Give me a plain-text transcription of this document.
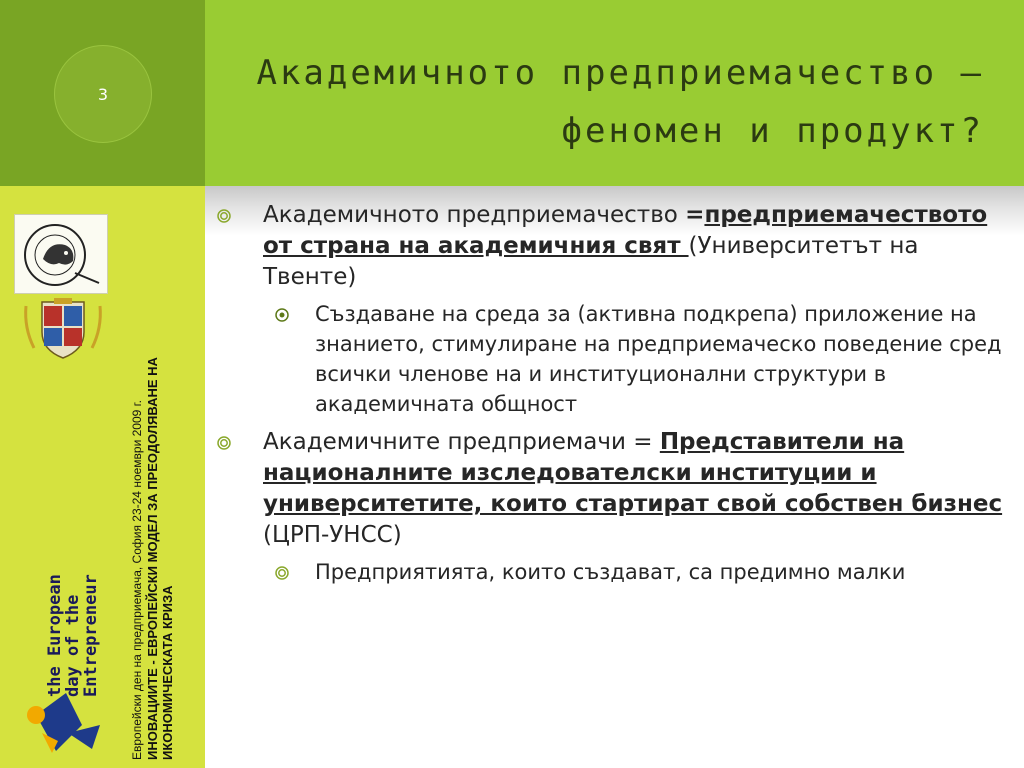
3
the European
day of the
Entrepreneur Европейски ден на предприемача, София 23-24 ноември 2009 г. ИНОВАЦИИТЕ - ЕВРОПЕЙСКИ МОДЕЛ ЗА ПРЕОДОЛЯВАНЕ НА ИКОНОМИЧЕСКАТА КРИЗА
Академичното предприемачество –
феномен и продукт?
Академичното предприемачество =предприемачеството от страна на академичния свят (Университетът на Твенте)
Създаване на среда за (активна подкрепа) приложение на знанието, стимулиране на предприемаческо поведение сред всички членове на и институционални структури в академичната общност
Академичните предприемачи = Представители на националните изследователски институции и университетите, които стартират свой собствен бизнес (ЦРП-УНСС)
Предприятията, които създават, са предимно малки
